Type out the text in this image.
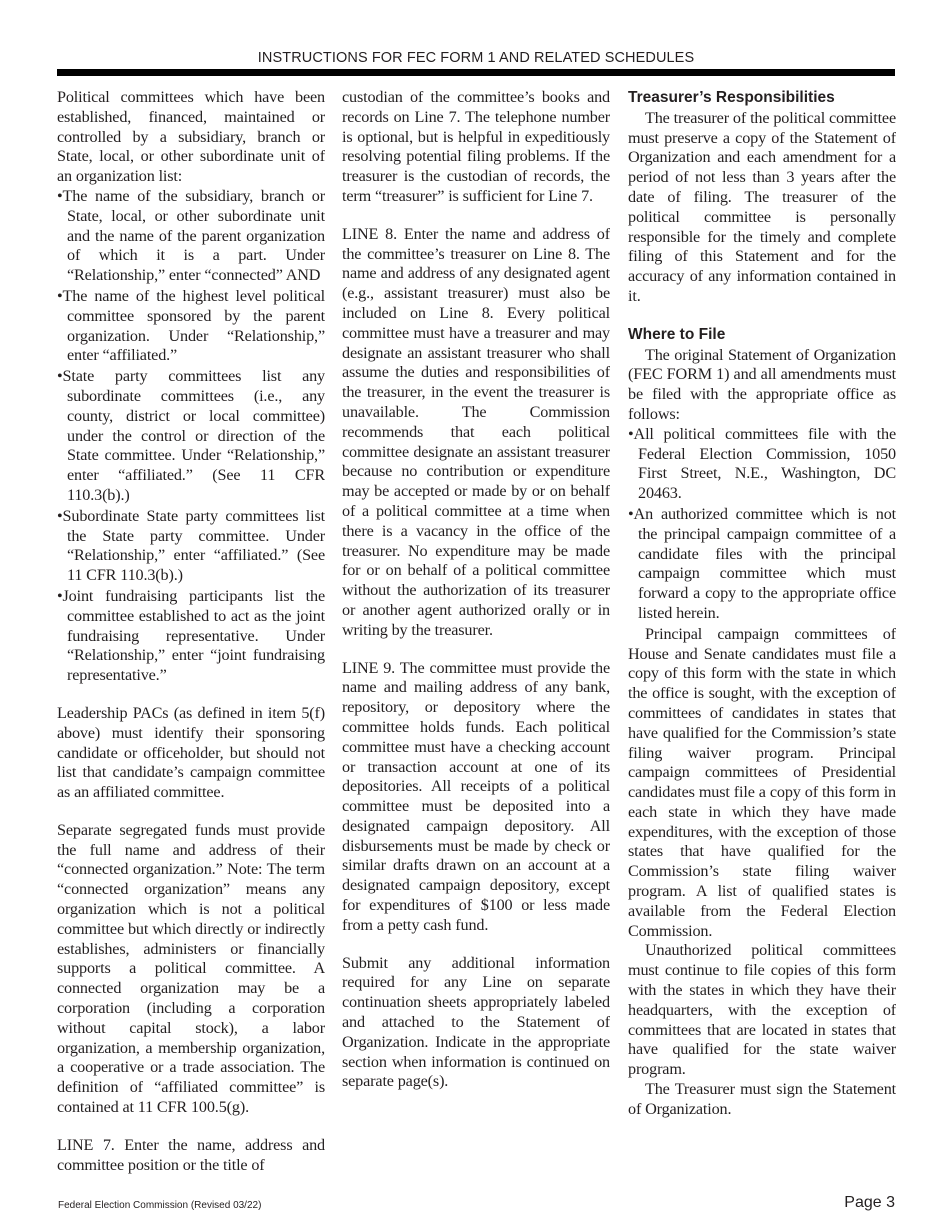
INSTRUCTIONS FOR FEC FORM 1 AND RELATED SCHEDULES

Political committees which have been established, financed, maintained or controlled by a subsidiary, branch or State, local, or other subordinate unit of an organization list:

• The name of the subsidiary, branch or State, local, or other subordinate unit and the name of the parent organization of which it is a part. Under “Relationship,” enter “connected” AND
• The name of the highest level political committee sponsored by the parent organization. Under “Relationship,” enter “affiliated.”
• State party committees list any subordinate committees (i.e., any county, district or local committee) under the control or direction of the State committee. Under “Relationship,” enter “affiliated.” (See 11 CFR 110.3(b).)
• Subordinate State party committees list the State party committee. Under “Relationship,” enter “affiliated.” (See 11 CFR 110.3(b).)
• Joint fundraising participants list the committee established to act as the joint fundraising representative. Under “Relationship,” enter “joint fundraising representative.”

Leadership PACs (as defined in item 5(f) above) must identify their sponsoring candidate or officeholder, but should not list that candidate’s campaign committee as an affiliated committee.

Separate segregated funds must provide the full name and address of their “connected organization.” Note: The term “connected organization” means any organization which is not a political committee but which directly or indirectly establishes, administers or financially supports a political committee. A connected organization may be a corporation (including a corporation without capital stock), a labor organization, a membership organization, a cooperative or a trade association. The definition of “affiliated committee” is contained at 11 CFR 100.5(g).

LINE 7. Enter the name, address and committee position or the title of

custodian of the committee’s books and records on Line 7. The telephone number is optional, but is helpful in expeditiously resolving potential filing problems. If the treasurer is the custodian of records, the term “treasurer” is sufficient for Line 7.

LINE 8. Enter the name and address of the committee’s treasurer on Line 8. The name and address of any designated agent (e.g., assistant treasurer) must also be included on Line 8. Every political committee must have a treasurer and may designate an assistant treasurer who shall assume the duties and responsibilities of the treasurer, in the event the treasurer is unavailable. The Commission recommends that each political committee designate an assistant treasurer because no contribution or expenditure may be accepted or made by or on behalf of a political committee at a time when there is a vacancy in the office of the treasurer. No expenditure may be made for or on behalf of a political committee without the authorization of its treasurer or another agent authorized orally or in writing by the treasurer.

LINE 9. The committee must provide the name and mailing address of any bank, repository, or depository where the committee holds funds. Each political committee must have a checking account or transaction account at one of its depositories. All receipts of a political committee must be deposited into a designated campaign depository. All disbursements must be made by check or similar drafts drawn on an account at a designated campaign depository, except for expenditures of $100 or less made from a petty cash fund.

Submit any additional information required for any Line on separate continuation sheets appropriately labeled and attached to the Statement of Organization. Indicate in the appropriate section when information is continued on separate page(s).

Treasurer’s Responsibilities

The treasurer of the political committee must preserve a copy of the Statement of Organization and each amendment for a period of not less than 3 years after the date of filing. The treasurer of the political committee is personally responsible for the timely and complete filing of this Statement and for the accuracy of any information contained in it.

Where to File

The original Statement of Organization (FEC FORM 1) and all amendments must be filed with the appropriate office as follows:

• All political committees file with the Federal Election Commission, 1050 First Street, N.E., Washington, DC 20463.
• An authorized committee which is not the principal campaign committee of a candidate files with the principal campaign committee which must forward a copy to the appropriate office listed herein.

Principal campaign committees of House and Senate candidates must file a copy of this form with the state in which the office is sought, with the exception of committees of candidates in states that have qualified for the Commission’s state filing waiver program. Principal campaign committees of Presidential candidates must file a copy of this form in each state in which they have made expenditures, with the exception of those states that have qualified for the Commission’s state filing waiver program. A list of qualified states is available from the Federal Election Commission.

Unauthorized political committees must continue to file copies of this form with the states in which they have their headquarters, with the exception of committees that are located in states that have qualified for the state waiver program.

The Treasurer must sign the Statement of Organization.

Federal Election Commission (Revised 03/22)	Page 3
